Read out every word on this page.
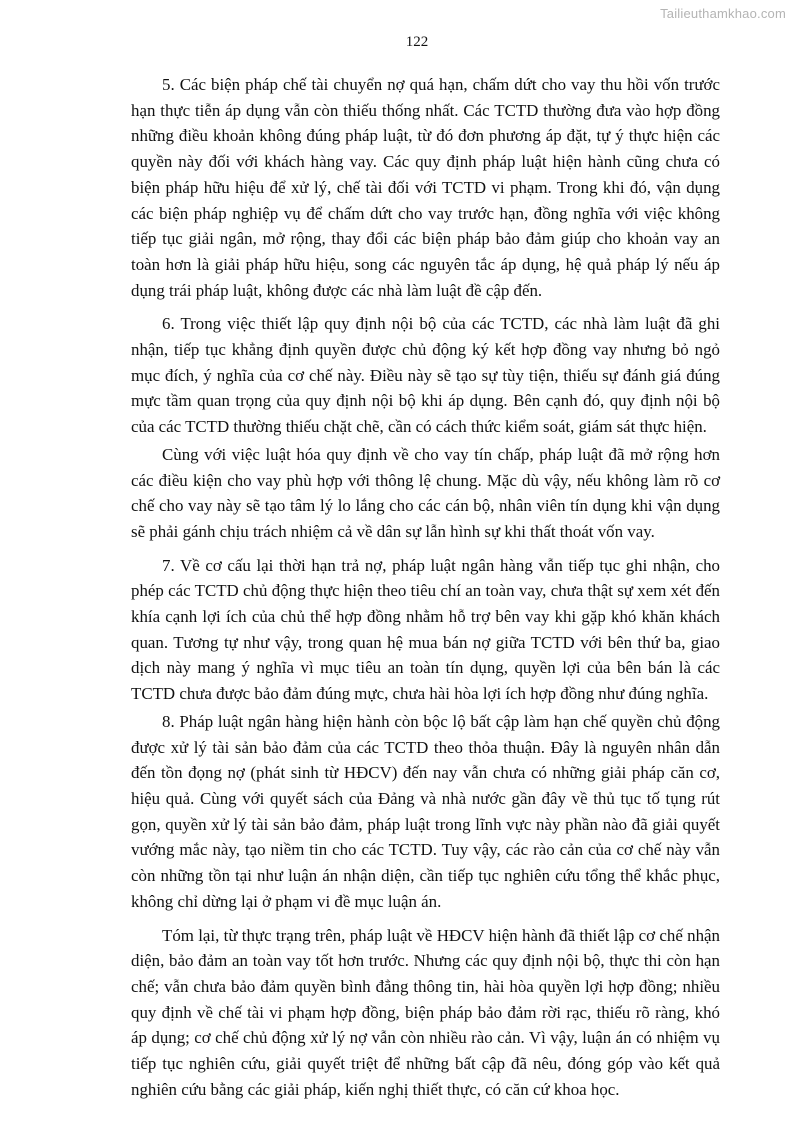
Tailieuthamkhao.com
122

5. Các biện pháp chế tài chuyển nợ quá hạn, chấm dứt cho vay thu hồi vốn trước hạn thực tiễn áp dụng vẫn còn thiếu thống nhất. Các TCTD thường đưa vào hợp đồng những điều khoản không đúng pháp luật, từ đó đơn phương áp đặt, tự ý thực hiện các quyền này đối với khách hàng vay. Các quy định pháp luật hiện hành cũng chưa có biện pháp hữu hiệu để xử lý, chế tài đối với TCTD vi phạm. Trong khi đó, vận dụng các biện pháp nghiệp vụ để chấm dứt cho vay trước hạn, đồng nghĩa với việc không tiếp tục giải ngân, mở rộng, thay đổi các biện pháp bảo đảm giúp cho khoản vay an toàn hơn là giải pháp hữu hiệu, song các nguyên tắc áp dụng, hệ quả pháp lý nếu áp dụng trái pháp luật, không được các nhà làm luật đề cập đến.

6. Trong việc thiết lập quy định nội bộ của các TCTD, các nhà làm luật đã ghi nhận, tiếp tục khẳng định quyền được chủ động ký kết hợp đồng vay nhưng bỏ ngỏ mục đích, ý nghĩa của cơ chế này. Điều này sẽ tạo sự tùy tiện, thiếu sự đánh giá đúng mực tầm quan trọng của quy định nội bộ khi áp dụng. Bên cạnh đó, quy định nội bộ của các TCTD thường thiếu chặt chẽ, cần có cách thức kiểm soát, giám sát thực hiện.

Cùng với việc luật hóa quy định về cho vay tín chấp, pháp luật đã mở rộng hơn các điều kiện cho vay phù hợp với thông lệ chung. Mặc dù vậy, nếu không làm rõ cơ chế cho vay này sẽ tạo tâm lý lo lắng cho các cán bộ, nhân viên tín dụng khi vận dụng sẽ phải gánh chịu trách nhiệm cả về dân sự lẫn hình sự khi thất thoát vốn vay.

7. Về cơ cấu lại thời hạn trả nợ, pháp luật ngân hàng vẫn tiếp tục ghi nhận, cho phép các TCTD chủ động thực hiện theo tiêu chí an toàn vay, chưa thật sự xem xét đến khía cạnh lợi ích của chủ thể hợp đồng nhằm hỗ trợ bên vay khi gặp khó khăn khách quan. Tương tự như vậy, trong quan hệ mua bán nợ giữa TCTD với bên thứ ba, giao dịch này mang ý nghĩa vì mục tiêu an toàn tín dụng, quyền lợi của bên bán là các TCTD chưa được bảo đảm đúng mực, chưa hài hòa lợi ích hợp đồng như đúng nghĩa.

8. Pháp luật ngân hàng hiện hành còn bộc lộ bất cập làm hạn chế quyền chủ động được xử lý tài sản bảo đảm của các TCTD theo thỏa thuận. Đây là nguyên nhân dẫn đến tồn đọng nợ (phát sinh từ HĐCV) đến nay vẫn chưa có những giải pháp căn cơ, hiệu quả. Cùng với quyết sách của Đảng và nhà nước gần đây về thủ tục tố tụng rút gọn, quyền xử lý tài sản bảo đảm, pháp luật trong lĩnh vực này phần nào đã giải quyết vướng mắc này, tạo niềm tin cho các TCTD. Tuy vậy, các rào cản của cơ chế này vẫn còn những tồn tại như luận án nhận diện, cần tiếp tục nghiên cứu tổng thể khắc phục, không chỉ dừng lại ở phạm vi đề mục luận án.

Tóm lại, từ thực trạng trên, pháp luật về HĐCV hiện hành đã thiết lập cơ chế nhận diện, bảo đảm an toàn vay tốt hơn trước. Nhưng các quy định nội bộ, thực thi còn hạn chế; vẫn chưa bảo đảm quyền bình đẳng thông tin, hài hòa quyền lợi hợp đồng; nhiều quy định về chế tài vi phạm hợp đồng, biện pháp bảo đảm rời rạc, thiếu rõ ràng, khó áp dụng; cơ chế chủ động xử lý nợ vẫn còn nhiều rào cản. Vì vậy, luận án có nhiệm vụ tiếp tục nghiên cứu, giải quyết triệt để những bất cập đã nêu, đóng góp vào kết quả nghiên cứu bằng các giải pháp, kiến nghị thiết thực, có căn cứ khoa học.
